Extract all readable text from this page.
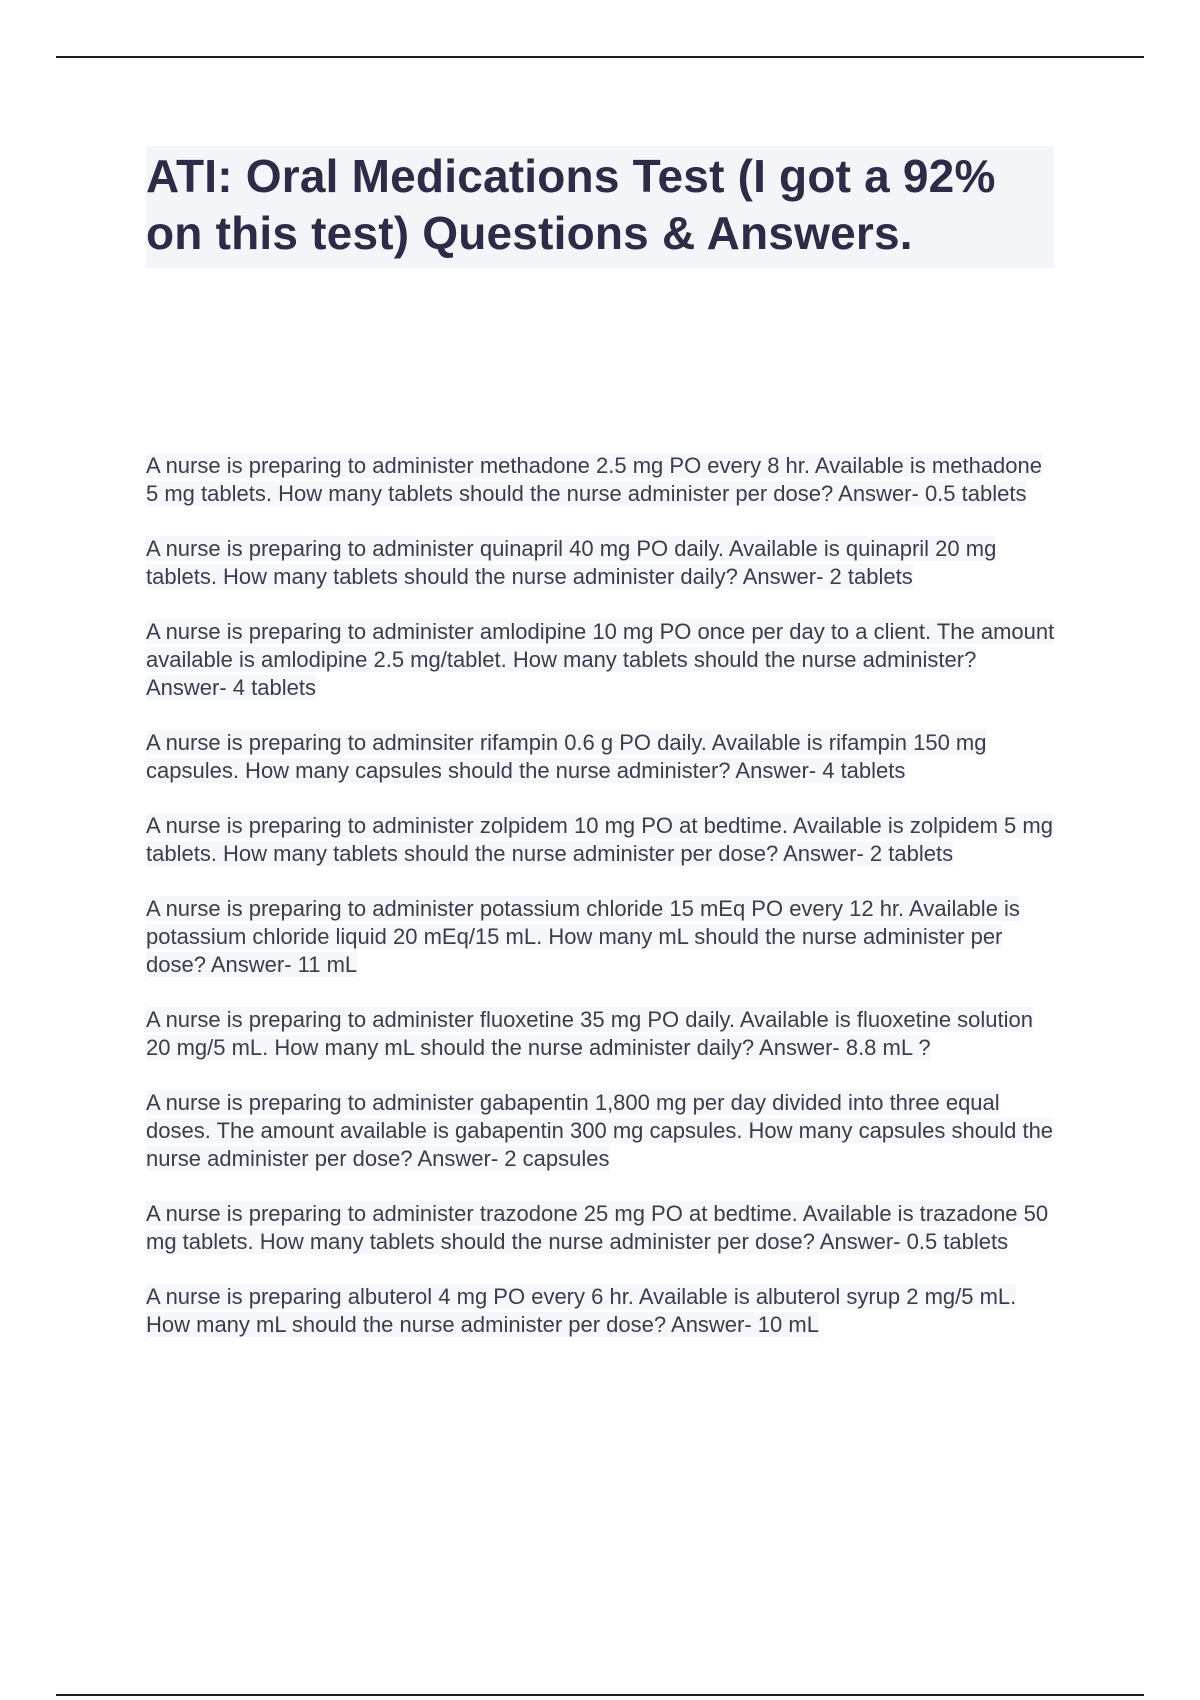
ATI: Oral Medications Test (I got a 92% on this test) Questions & Answers.

A nurse is preparing to administer methadone 2.5 mg PO every 8 hr. Available is methadone 5 mg tablets. How many tablets should the nurse administer per dose? Answer- 0.5 tablets

A nurse is preparing to administer quinapril 40 mg PO daily. Available is quinapril 20 mg tablets. How many tablets should the nurse administer daily? Answer- 2 tablets

A nurse is preparing to administer amlodipine 10 mg PO once per day to a client. The amount available is amlodipine 2.5 mg/tablet. How many tablets should the nurse administer? Answer- 4 tablets

A nurse is preparing to adminsiter rifampin 0.6 g PO daily. Available is rifampin 150 mg capsules. How many capsules should the nurse administer? Answer- 4 tablets

A nurse is preparing to administer zolpidem 10 mg PO at bedtime. Available is zolpidem 5 mg tablets. How many tablets should the nurse administer per dose? Answer- 2 tablets

A nurse is preparing to administer potassium chloride 15 mEq PO every 12 hr. Available is potassium chloride liquid 20 mEq/15 mL. How many mL should the nurse administer per dose? Answer- 11 mL

A nurse is preparing to administer fluoxetine 35 mg PO daily. Available is fluoxetine solution 20 mg/5 mL. How many mL should the nurse administer daily? Answer- 8.8 mL ?

A nurse is preparing to administer gabapentin 1,800 mg per day divided into three equal doses. The amount available is gabapentin 300 mg capsules. How many capsules should the nurse administer per dose? Answer- 2 capsules

A nurse is preparing to administer trazodone 25 mg PO at bedtime. Available is trazadone 50 mg tablets. How many tablets should the nurse administer per dose? Answer- 0.5 tablets

A nurse is preparing albuterol 4 mg PO every 6 hr. Available is albuterol syrup 2 mg/5 mL. How many mL should the nurse administer per dose? Answer- 10 mL
